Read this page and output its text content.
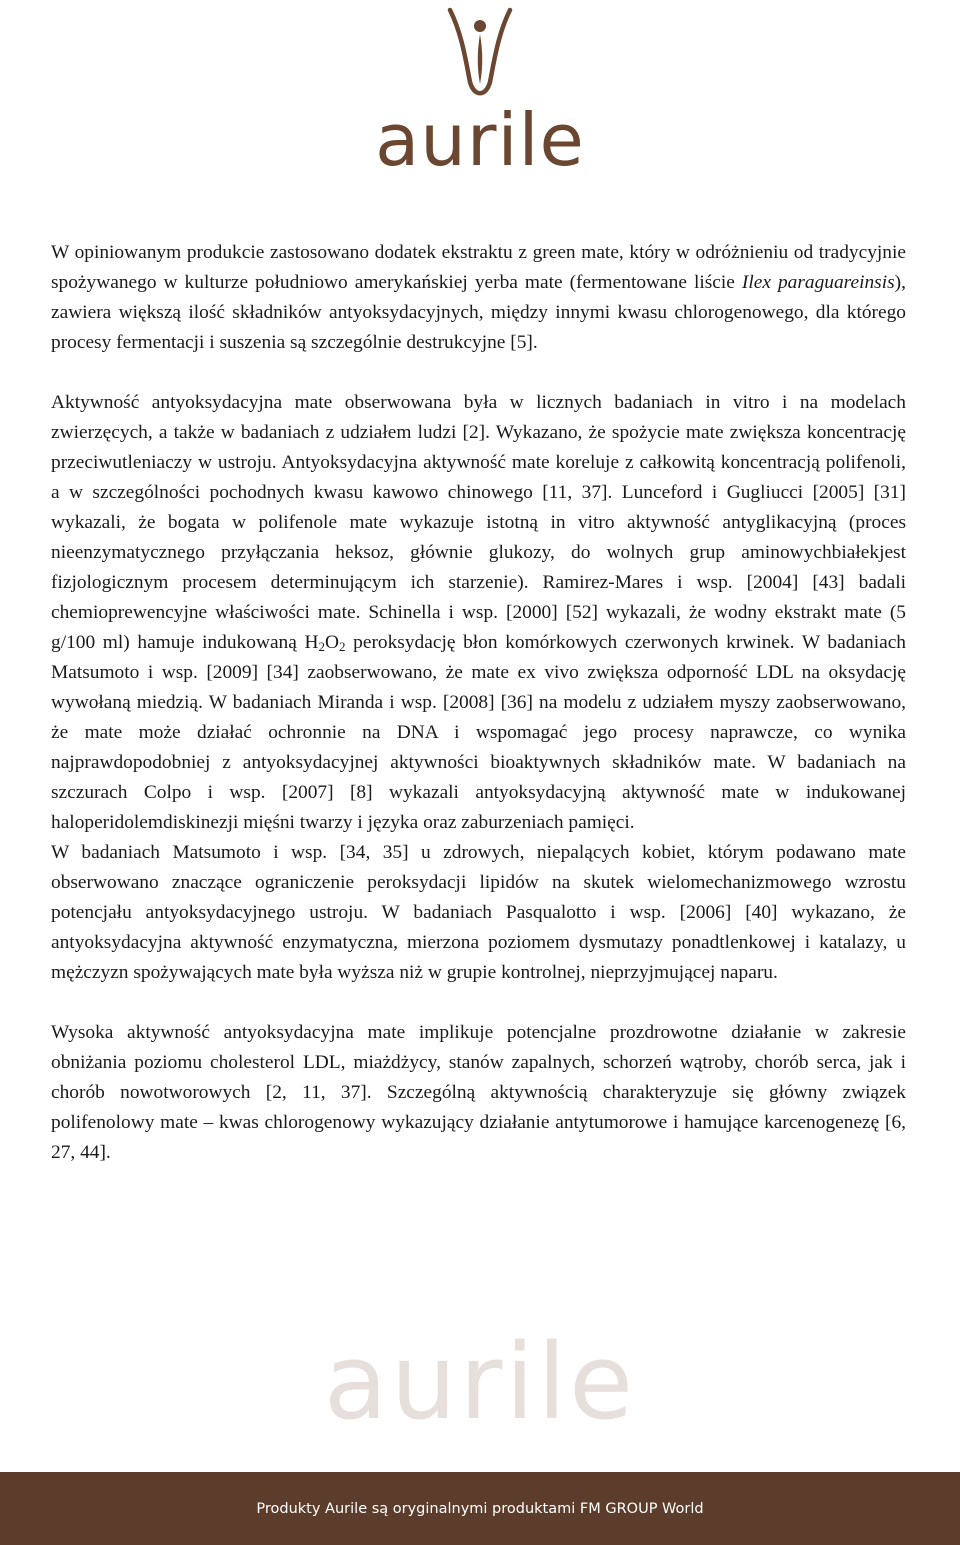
aurile

W opiniowanym produkcie zastosowano dodatek ekstraktu z green mate, który w odróżnieniu od tradycyjnie spożywanego w kulturze południowo amerykańskiej yerba mate (fermentowane liście Ilex paraguareinsis), zawiera większą ilość składników antyoksydacyjnych, między innymi kwasu chlorogenowego, dla którego procesy fermentacji i suszenia są szczególnie destrukcyjne [5].

Aktywność antyoksydacyjna mate obserwowana była w licznych badaniach in vitro i na modelach zwierzęcych, a także w badaniach z udziałem ludzi [2]. Wykazano, że spożycie mate zwiększa koncentrację przeciwutleniaczy w ustroju. Antyoksydacyjna aktywność mate koreluje z całkowitą koncentracją polifenoli, a w szczególności pochodnych kwasu kawowo chinowego [11, 37]. Lunceford i Gugliucci [2005] [31] wykazali, że bogata w polifenole mate wykazuje istotną in vitro aktywność antyglikacyjną (proces nieenzymatycznego przyłączania heksoz, głównie glukozy, do wolnych grup aminowychbiałekjest fizjologicznym procesem determinującym ich starzenie). Ramirez-Mares i wsp. [2004] [43] badali chemioprewencyjne właściwości mate. Schinella i wsp. [2000] [52] wykazali, że wodny ekstrakt mate (5 g/100 ml) hamuje indukowaną $H_2O_2$ peroksydację błon komórkowych czerwonych krwinek. W badaniach Matsumoto i wsp. [2009] [34] zaobserwowano, że mate ex vivo zwiększa odporność LDL na oksydację wywołaną miedzią. W badaniach Miranda i wsp. [2008] [36] na modelu z udziałem myszy zaobserwowano, że mate może działać ochronnie na DNA i wspomagać jego procesy naprawcze, co wynika najprawdopodobniej z antyoksydacyjnej aktywności bioaktywnych składników mate. W badaniach na szczurach Colpo i wsp. [2007] [8] wykazali antyoksydacyjną aktywność mate w indukowanej haloperidolemdiskinezji mięśni twarzy i języka oraz zaburzeniach pamięci.

W badaniach Matsumoto i wsp. [34, 35] u zdrowych, niepalących kobiet, którym podawano mate obserwowano znaczące ograniczenie peroksydacji lipidów na skutek wielomechanizmowego wzrostu potencjału antyoksydacyjnego ustroju. W badaniach Pasqualotto i wsp. [2006] [40] wykazano, że antyoksydacyjna aktywność enzymatyczna, mierzona poziomem dysmutazy ponadtlenkowej i katalazy, u mężczyzn spożywających mate była wyższa niż w grupie kontrolnej, nieprzyjmującej naparu.

Wysoka aktywność antyoksydacyjna mate implikuje potencjalne prozdrowotne działanie w zakresie obniżania poziomu cholesterol LDL, miażdżycy, stanów zapalnych, schorzeń wątroby, chorób serca, jak i chorób nowotworowych [2, 11, 37]. Szczególną aktywnością charakteryzuje się główny związek polifenolowy mate – kwas chlorogenowy wykazujący działanie antytumorowe i hamujące karcenogenezę [6, 27, 44].

aurile
Produkty Aurile są oryginalnymi produktami FM GROUP World
